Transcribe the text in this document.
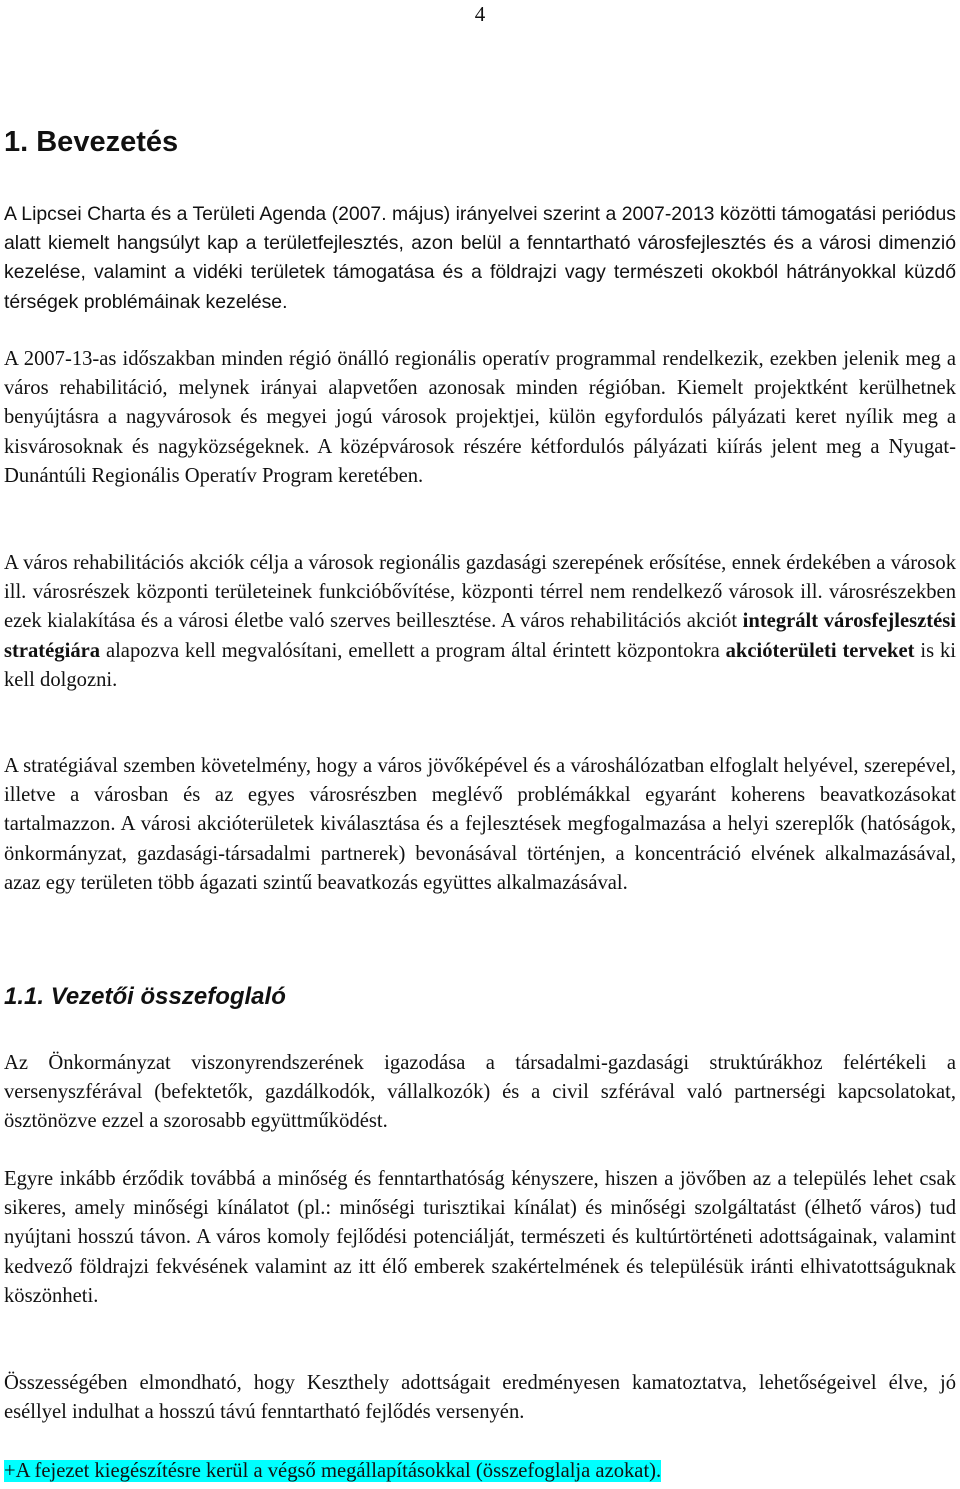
4
1. Bevezetés

A Lipcsei Charta és a Területi Agenda (2007. május) irányelvei szerint a 2007-2013 közötti támogatási periódus alatt kiemelt hangsúlyt kap a területfejlesztés, azon belül a fenntartható városfejlesztés és a városi dimenzió kezelése, valamint a vidéki területek támogatása és a földrajzi vagy természeti okokból hátrányokkal küzdő térségek problémáinak kezelése.

A 2007-13-as időszakban minden régió önálló regionális operatív programmal rendelkezik, ezekben jelenik meg a város rehabilitáció, melynek irányai alapvetően azonosak minden régióban. Kiemelt projektként kerülhetnek benyújtásra a nagyvárosok és megyei jogú városok projektjei, külön egyfordulós pályázati keret nyílik meg a kisvárosoknak és nagyközségeknek. A középvárosok részére kétfordulós pályázati kiírás jelent meg a Nyugat-Dunántúli Regionális Operatív Program keretében.

A város rehabilitációs akciók célja a városok regionális gazdasági szerepének erősítése, ennek érdekében a városok ill. városrészek központi területeinek funkcióbővítése, központi térrel nem rendelkező városok ill. városrészekben ezek kialakítása és a városi életbe való szerves beillesztése. A város rehabilitációs akciót integrált városfejlesztési stratégiára alapozva kell megvalósítani, emellett a program által érintett központokra akcióterületi terveket is ki kell dolgozni.

A stratégiával szemben követelmény, hogy a város jövőképével és a városhálózatban elfoglalt helyével, szerepével, illetve a városban és az egyes városrészben meglévő problémákkal egyaránt koherens beavatkozásokat tartalmazzon. A városi akcióterületek kiválasztása és a fejlesztések megfogalmazása a helyi szereplők (hatóságok, önkormányzat, gazdasági-társadalmi partnerek) bevonásával történjen, a koncentráció elvének alkalmazásával, azaz egy területen több ágazati szintű beavatkozás együttes alkalmazásával.

1.1. Vezetői összefoglaló

Az Önkormányzat viszonyrendszerének igazodása a társadalmi-gazdasági struktúrákhoz felértékeli a versenyszférával (befektetők, gazdálkodók, vállalkozók) és a civil szférával való partnerségi kapcsolatokat, ösztönözve ezzel a szorosabb együttműködést.

Egyre inkább érződik továbbá a minőség és fenntarthatóság kényszere, hiszen a jövőben az a település lehet csak sikeres, amely minőségi kínálatot (pl.: minőségi turisztikai kínálat) és minőségi szolgáltatást (élhető város) tud nyújtani hosszú távon. A város komoly fejlődési potenciálját, természeti és kultúrtörténeti adottságainak, valamint kedvező földrajzi fekvésének valamint az itt élő emberek szakértelmének és településük iránti elhivatottságuknak köszönheti.

Összességében elmondható, hogy Keszthely adottságait eredményesen kamatoztatva, lehetőségeivel élve, jó eséllyel indulhat a hosszú távú fenntartható fejlődés versenyén.

+A fejezet kiegészítésre kerül a végső megállapításokkal (összefoglalja azokat).
